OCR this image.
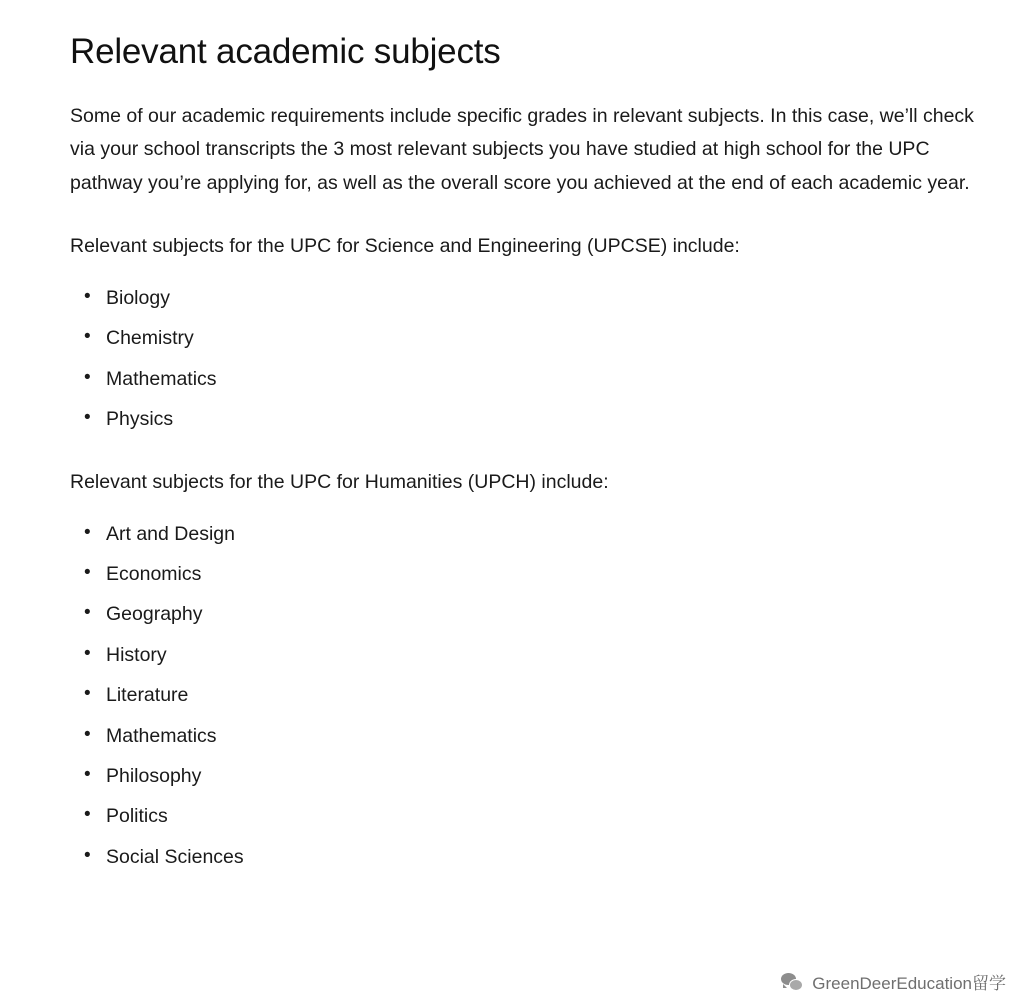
Relevant academic subjects

Some of our academic requirements include specific grades in relevant subjects. In this case, we’ll check via your school transcripts the 3 most relevant subjects you have studied at high school for the UPC pathway you’re applying for, as well as the overall score you achieved at the end of each academic year.

Relevant subjects for the UPC for Science and Engineering (UPCSE) include:

• Biology
• Chemistry
• Mathematics
• Physics

Relevant subjects for the UPC for Humanities (UPCH) include:

• Art and Design
• Economics
• Geography
• History
• Literature
• Mathematics
• Philosophy
• Politics
• Social Sciences
GreenDeerEducation留学
